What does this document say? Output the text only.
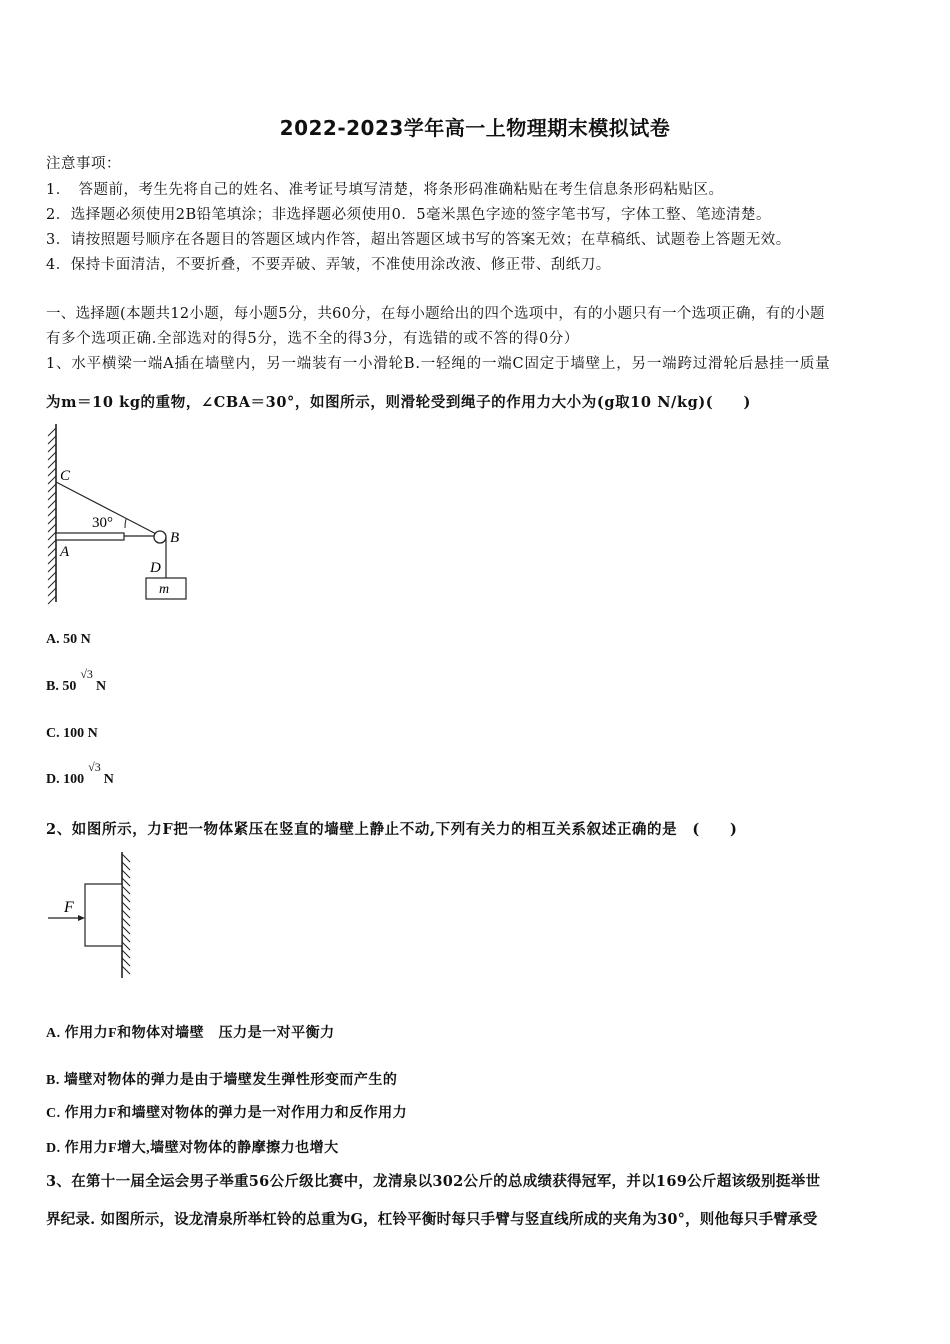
2022-2023学年高一上物理期末模拟试卷
注意事项：
1．　答题前，考生先将自己的姓名、准考证号填写清楚，将条形码准确粘贴在考生信息条形码粘贴区。
2．选择题必须使用2B铅笔填涂；非选择题必须使用0．5毫米黑色字迹的签字笔书写，字体工整、笔迹清楚。
3．请按照题号顺序在各题目的答题区域内作答，超出答题区域书写的答案无效；在草稿纸、试题卷上答题无效。
4．保持卡面清洁，不要折叠，不要弄破、弄皱，不准使用涂改液、修正带、刮纸刀。
一、选择题(本题共12小题，每小题5分，共60分，在每小题给出的四个选项中，有的小题只有一个选项正确，有的小题
有多个选项正确.全部选对的得5分，选不全的得3分，有选错的或不答的得0分）
1、水平横梁一端A插在墙壁内，另一端装有一小滑轮B.一轻绳的一端C固定于墙壁上，另一端跨过滑轮后悬挂一质量
为m＝10 kg的重物，∠CBA＝30°，如图所示，则滑轮受到绳子的作用力大小为(g取10 N/kg)(　　)
C
A
B
D
m
30°
A. 50 N
B. 50√3N
C. 100 N
D. 100√3N
2、如图所示，力F把一物体紧压在竖直的墙壁上静止不动,下列有关力的相互关系叙述正确的是　(　　)
F
A. 作用力F和物体对墙壁　压力是一对平衡力
B. 墙壁对物体的弹力是由于墙壁发生弹性形变而产生的
C. 作用力F和墙壁对物体的弹力是一对作用力和反作用力
D. 作用力F增大,墙壁对物体的静摩擦力也增大
3、在第十一届全运会男子举重56公斤级比赛中，龙清泉以302公斤的总成绩获得冠军，并以169公斤超该级别挺举世
界纪录. 如图所示，设龙清泉所举杠铃的总重为G，杠铃平衡时每只手臂与竖直线所成的夹角为30°，则他每只手臂承受
